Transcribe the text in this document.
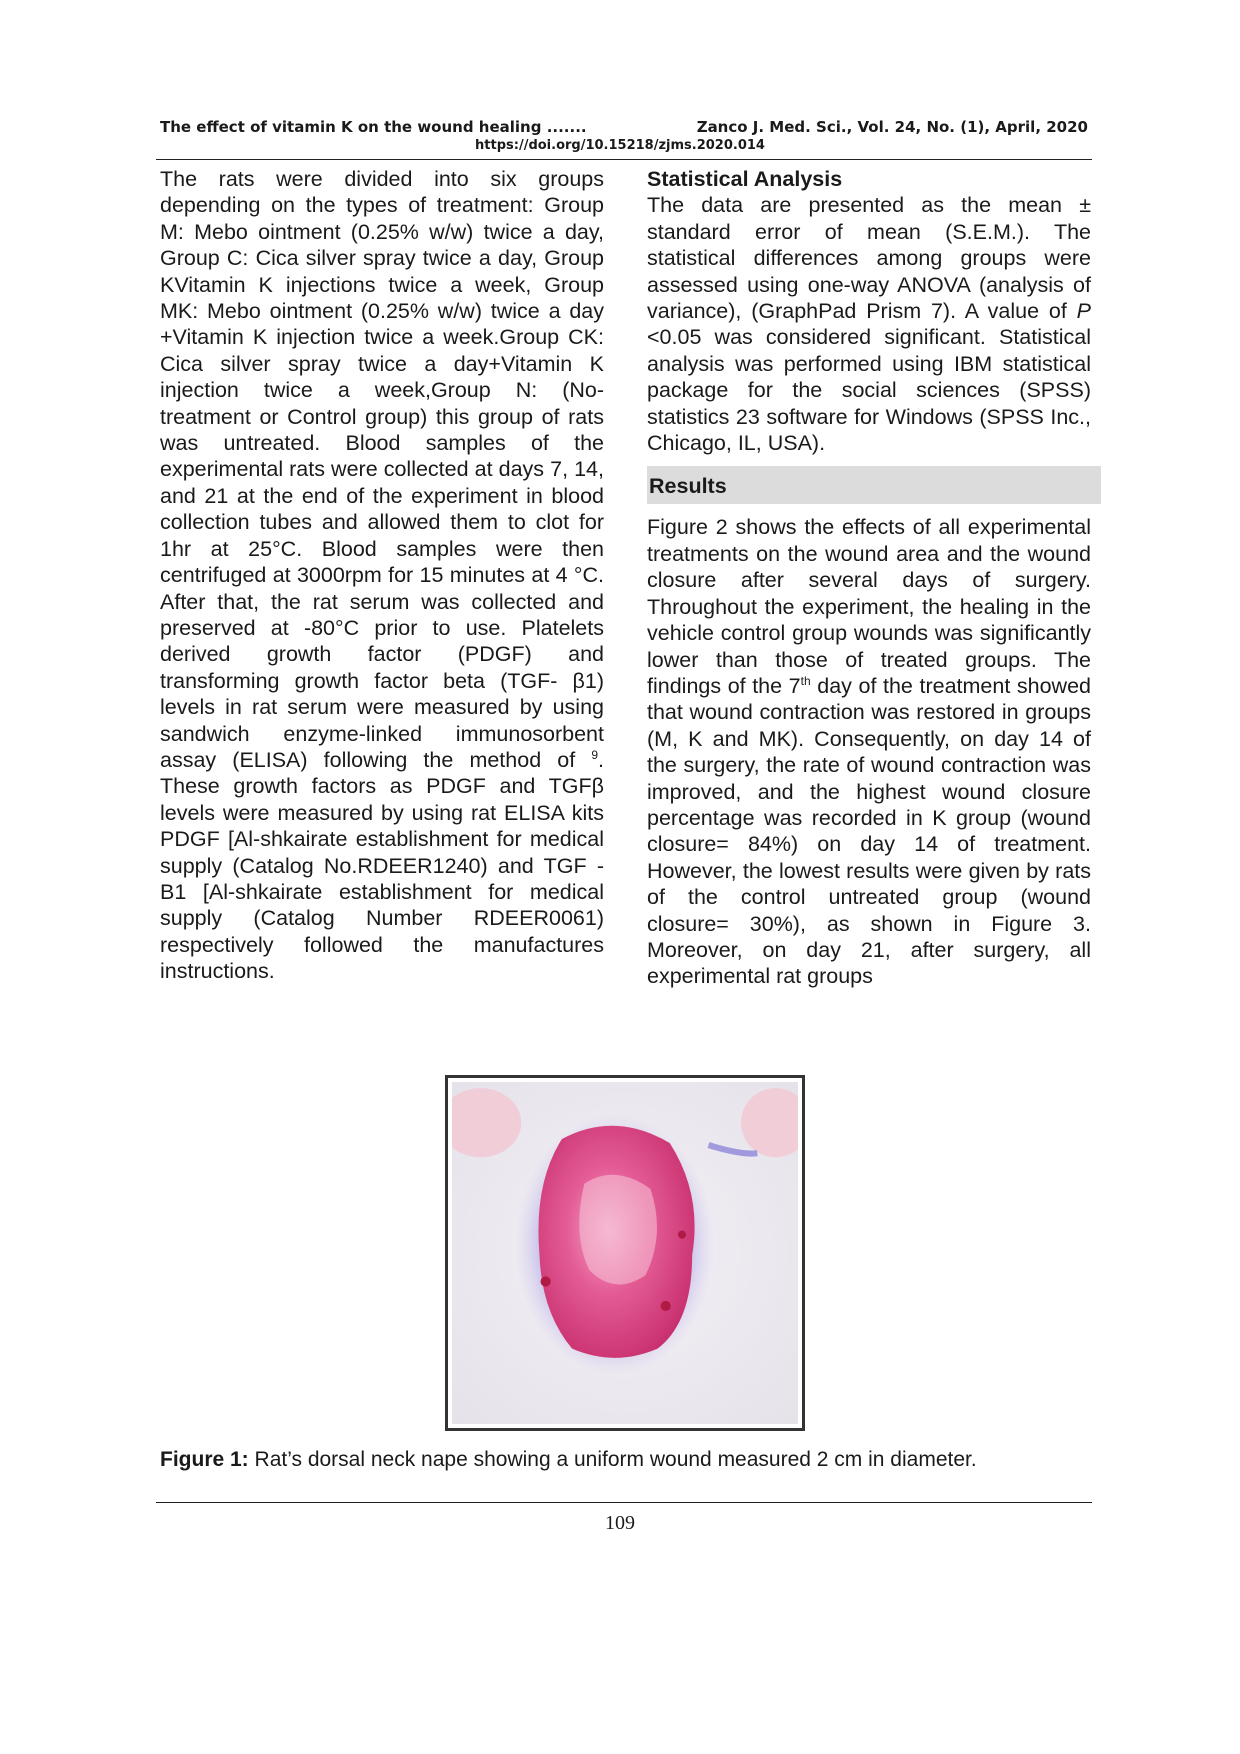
The effect of vitamin K on the wound healing .......	Zanco J. Med. Sci., Vol. 24, No. (1), April, 2020
https://doi.org/10.15218/zjms.2020.014

The rats were divided into six groups depending on the types of treatment: Group M: Mebo ointment (0.25% w/w) twice a day, Group C: Cica silver spray twice a day, Group KVitamin K injections twice a week, Group MK: Mebo ointment (0.25% w/w) twice a day +Vitamin K injection twice a week.Group CK: Cica silver spray twice a day+Vitamin K injection twice a week,Group N: (No- treatment or Control group) this group of rats was untreated. Blood samples of the experimental rats were collected at days 7, 14, and 21 at the end of the experiment in blood collection tubes and allowed them to clot for 1hr at 25°C. Blood samples were then centrifuged at 3000rpm for 15 minutes at 4 °C. After that, the rat serum was collected and preserved at -80°C prior to use. Platelets derived growth factor (PDGF) and transforming growth factor beta (TGF- β1) levels in rat serum were measured by using sandwich enzyme-linked immunosorbent assay (ELISA) following the method of $^9$. These growth factors as PDGF and TGFβ levels were measured by using rat ELISA kits PDGF [Al-shkairate establishment for medical supply (Catalog No.RDEER1240) and TGF -B1 [Al-shkairate establishment for medical supply (Catalog Number RDEER0061) respectively followed the manufactures instructions.

Statistical Analysis

The data are presented as the mean ± standard error of mean (S.E.M.). The statistical differences among groups were assessed using one-way ANOVA (analysis of variance), (GraphPad Prism 7). A value of P <0.05 was considered significant. Statistical analysis was performed using IBM statistical package for the social sciences (SPSS) statistics 23 software for Windows (SPSS Inc., Chicago, IL, USA).

Results

Figure 2 shows the effects of all experimental treatments on the wound area and the wound closure after several days of surgery. Throughout the experiment, the healing in the vehicle control group wounds was significantly lower than those of treated groups. The findings of the 7th day of the treatment showed that wound contraction was restored in groups (M, K and MK). Consequently, on day 14 of the surgery, the rate of wound contraction was improved, and the highest wound closure percentage was recorded in K group (wound closure= 84%) on day 14 of treatment. However, the lowest results were given by rats of the control untreated group (wound closure= 30%), as shown in Figure 3. Moreover, on day 21, after surgery, all experimental rat groups

Figure 1: Rat’s dorsal neck nape showing a uniform wound measured 2 cm in diameter.
109
